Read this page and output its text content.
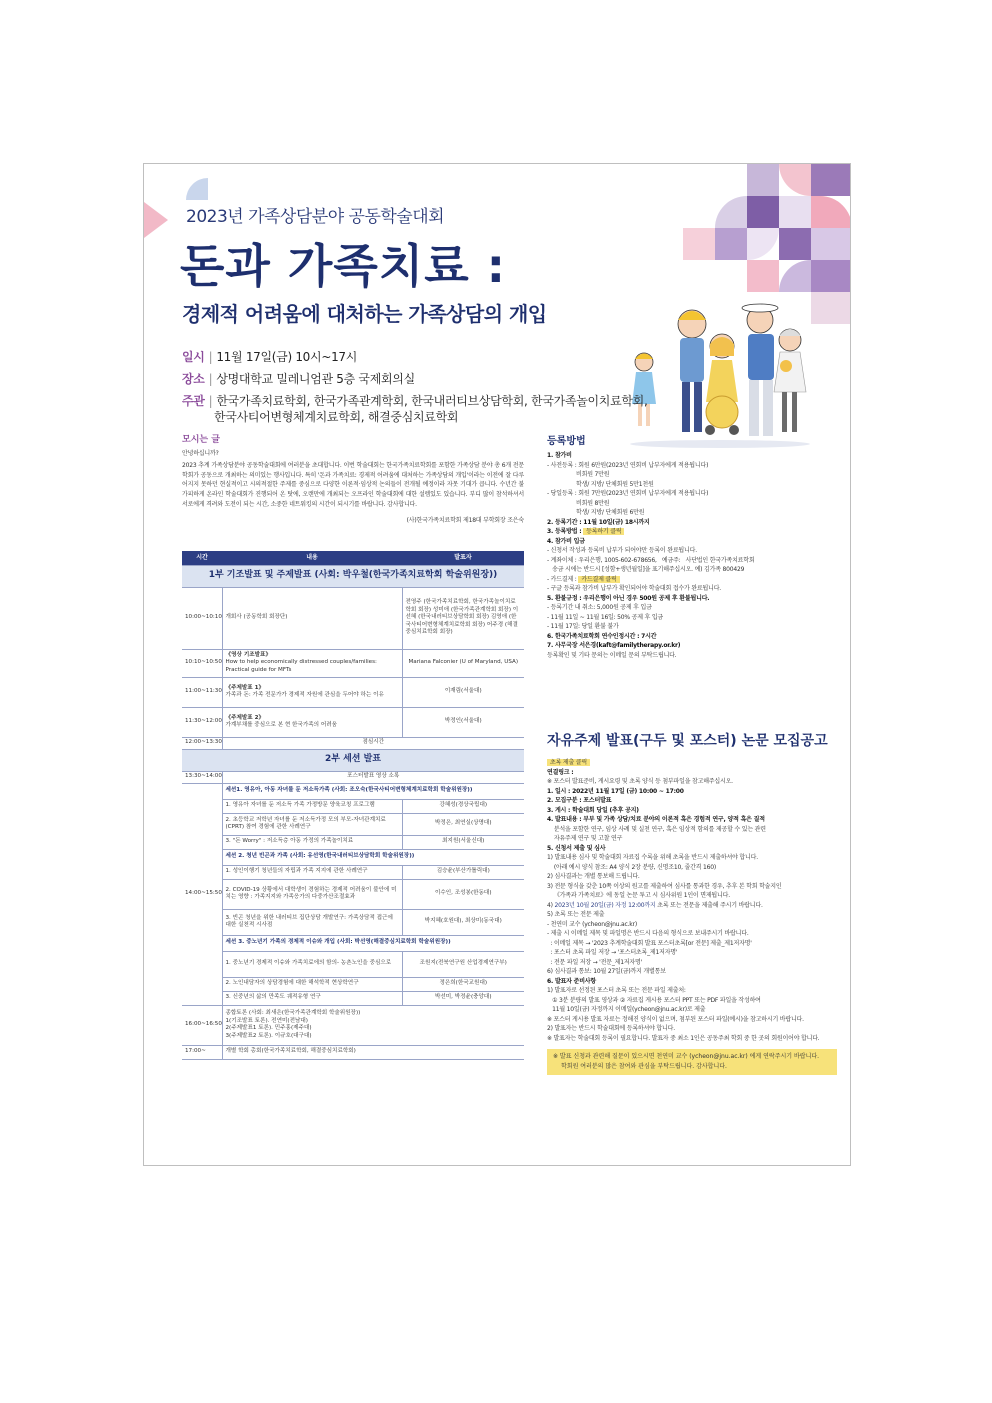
2023년 가족상담분야 공동학술대회
돈과 가족치료 :
경제적 어려움에 대처하는 가족상담의 개입
일시 | 11월 17일(금) 10시~17시
장소 | 상명대학교 밀레니엄관 5층 국제회의실
주관 | 한국가족치료학회, 한국가족관계학회, 한국내러티브상담학회, 한국가족놀이치료학회,
한국사티어변형체계치료학회, 해결중심치료학회
모시는 글
안녕하십니까?
2023 추계 가족상담분야 공동학술대회에 여러분을 초대합니다. 이번 학술대회는 한국가족치료학회를 포함한 가족상담 분야 총 6개 전문학회가 공동으로 개최하는 의미있는 행사입니다. 특히 '돈과 가족치료: 경제적 어려움에 대처하는 가족상담의 개입'이라는 이전에 잘 다루어지지 못하던 현실적이고 시의적절한 주제를 중심으로 다양한 이론적·임상적 논의들이 전개될 예정이라 자못 기대가 큽니다. 수년간 불가피하게 온라인 학술대회가 진행되어 온 탓에, 오랜만에 개최되는 오프라인 학술대회에 대한 설렘있도 있습니다. 부디 많이 참석하셔서 서로에게 격려와 도전이 되는 시간, 소중한 네트워킹의 시간이 되시기를 바랍니다. 감사합니다.
(사)한국가족치료학회 제18대 부학회장 조은숙
시간	내용	발표자
1부 기조발표 및 주제발표 (사회: 박우철(한국가족치료학회 학술위원장))		
10:00~10:10	개회사 (공동학회 회장단)	전영주 (한국가족치료학회, 한국가족놀이치료학회 회장) 성미애 (한국가족관계학회 회장) 이선혜 (한국내러티브상담학회 회장) 김영애 (한국사티어변형체계치료학회 회장) 어주경 (해결중심치료학회 회장)
10:10~10:50	《영상 기조발표》
How to help economically distressed couples/families: Practical guide for MFTs	Mariana Falconier (U of Maryland, USA)
11:00~11:30	《주제발표 1》
가족과 돈: 가족 전문가가 경제적 자원에 관심을 두어야 하는 이유	이재림(서울대)
11:30~12:00	《주제발표 2》
가계부채를 중심으로 본 현 한국가족의 어려움	박정인(서울대)
12:00~13:30	점심시간	
2부 세션 발표		
13:30~14:00	포스터발표 영상 소록	
14:00~15:50	세션1. 영유아, 아동 자녀를 둔 저소득가족 (사회: 조오숙(한국사티어변형체계치료학회 학술위원장))	
	1. 영유아 자녀를 둔 저소득 가족 가정방문 양육코칭 프로그램	강혜성(경상국립대)
	2. 초등학교 저학년 자녀를 둔 저소득가정 모의 부모-자녀관계치료(CPRT) 참여 경험에 관한 사례연구	박정은, 최연실(상명대)
	3. "돈 Worry" : 저소득층 아동 가정의 가족놀이치료	최지원(서울신대)
	세션 2. 청년 빈곤과 가족 (사회: 유선영(한국내러티브상담학회 학술위원장))	
	1. 성인이행기 청년들의 자립과 가족 지지에 관한 사례연구	김승윤(부산가톨릭대)
	2. COVID-19 상황에서 대학생이 경험하는 경제적 어려움이 불안에 미치는 영향 : 가족지지와 가족응가의 다중가산조절효과	이수인, 조성봉(한동대)
	3. 빈곤 청년을 위한 내러티브 집단상담 개발연구: 가족상담적 접근에 대한 실천적 시사점	박지혜(호원대), 최상미(동국대)
	세션 3. 중노년기 가족의 경제적 이슈와 개입 (사회: 박선영(해결중심치료학회 학술위원장))	
	1. 중노년기 경제적 이슈와 가족치료에의 함의- 농촌노인을 중심으로	조원지(전북연구원 산업경제연구부)
	2. 노인내담자의 상담경험에 대한 해석학적 현상학연구	정은희(한국교원대)
	3. 신중년의 삶의 만족도 궤적유형 연구	박선미, 박정윤(충앙대)
16:00~16:50	종합토론 (사회: 최새은(한국가족관계학회 학술위원장))
1(기조발표 토론). 전연미(전남대)
2(주제발표1 토론). 민주홍(제주대)
3(주제발표2 토론). 이규호(대구대)	
17:00~	개별 학회 총회(한국가족치료학회, 해결중심치료학회)	
등록방법
1. 참가비
- 사전등록 : 회원 6만원(2023년 연회비 납부자에게 적용됩니다)
비회원 7만원
학생/ 지방/ 단체회원 5만1천원
- 당일등록 : 회원 7만원(2023년 연회비 납부자에게 적용됩니다)
비회원 8만원
학생/ 지방/ 단체회원 6만원
2. 등록기간 : 11월 10일(금) 18시까지
3. 등록방법 : 등록하기 클릭
4. 참가비 입금
- 신청서 작성과 등록비 납부가 되어야만 등록이 완료됩니다.
- 계좌이체 : 우리은행, 1005-602-678656,   예금주:   사단법인 한국가족치료학회
송금 시에는 반드시 [성함+생년월일]을 표기해주십시오. 예) 김가족 800429
- 카드결제 : 카드결제 클릭
- 구글 등록과 참가비 납부가 확인되어야 학술대회 접수가 완료됩니다.
5. 환불규정 : 우리은행이 아닌 경우 500원 공제 후 환불됩니다.
- 등록기간 내 취소: 5,000원 공제 후 입금
- 11월 11일 ~ 11월 16일: 50% 공제 후 입금
- 11월 17일: 당일 환불 불가
6. 한국가족치료학회 연수인정시간 : 7시간
7. 사무국장 서은경(kaft@familytherapy.or.kr)
등록확인 및 기타 문의는 이메일 문의 부탁드립니다.
자유주제 발표(구두 및 포스터) 논문 모집공고
초록 제출 클릭
연결링크 :
※ 포스터 발표준비, 게시요령 및 초록 양식 등 첨부파일을 참고해주십시오.
1. 일시 : 2022년 11월 17일 (금) 10:00 ~ 17:00
2. 모집구분 : 포스터발표
3. 게시 : 학술대회 당일 (추후 공지)
4. 발표내용 : 부부 및 가족 상담/치료 분야의 이론적 혹은 경험적 연구, 양적 혹은 질적
분석을 포함한 연구, 임상 사례 및 실천 연구, 혹은 임상적 함의를 제공할 수 있는 관련
자유주제 연구 및 고찰 연구
5. 신청서 제출 및 심사
1) 발표내용 심사 및 학술대회 자료집 수록을 위해 초록을 반드시 제출하셔야 합니다.
(아래 예시 양식 참조: A4 양식 2장 분량, 신명조10, 줄간격 160)
2) 심사결과는 개별 통보해 드립니다.
3) 전문 형식을 갖춘 10쪽 이상의 원고를 제출하여 심사를 통과한 경우, 추후 본 학회 학술지인
《가족과 가족치료》에 동일 논문 투고 시 심사위원 1인이 면제됩니다.
4) 2023년 10월 20일(금) 자정 12:00까지 초록 또는 전문을 제출해 주시기 바랍니다.
5) 초록 또는 전문 제출
- 천연미 교수 (ycheon@jnu.ac.kr)
- 제출 시 이메일 제목 및 파일명은 반드시 다음의 형식으로 보내주시기 바랍니다.
: 이메일 제목 → '2023 추계학술대회 발표 포스터초록[or 전문] 제출_제1저자명'
: 포스터 초록 파일 저장 → '포스터초록_제1저자명'
: 전문 파일 저장 → '전문_제1저자명'
6) 심사결과 통보: 10월 27일(금)까지 개별통보
6. 발표자 준비사항
1) 발표자로 선정된 포스터 초록 또는 전문 파일 제출처:
① 3분 분량의 발표 영상과 ② 자료집 게시용 포스터 PPT 또는 PDF 파일을 작성하여
11월 10일(금) 자정까지 이메일(ycheon@jnu.ac.kr)로 제출
※ 포스터 게시용 발표 자료는 정해진 양식이 없으며, 첨부된 포스터 파일(예시)을 참고하시기 바랍니다.
2) 발표자는 반드시 학술대회에 등록하셔야 합니다.
※ 발표자는 학술대회 등록이 필요합니다. 발표자 중 최소 1인은 공동주최 학회 중 한 곳의 회원이어야 합니다.
※ 발표 신청과 관련해 질문이 있으시면 천연미 교수 (ycheon@jnu.ac.kr) 에게 연락주시기 바랍니다.
학회원 여러분의 많은 참여와 관심을 부탁드립니다. 감사합니다.
